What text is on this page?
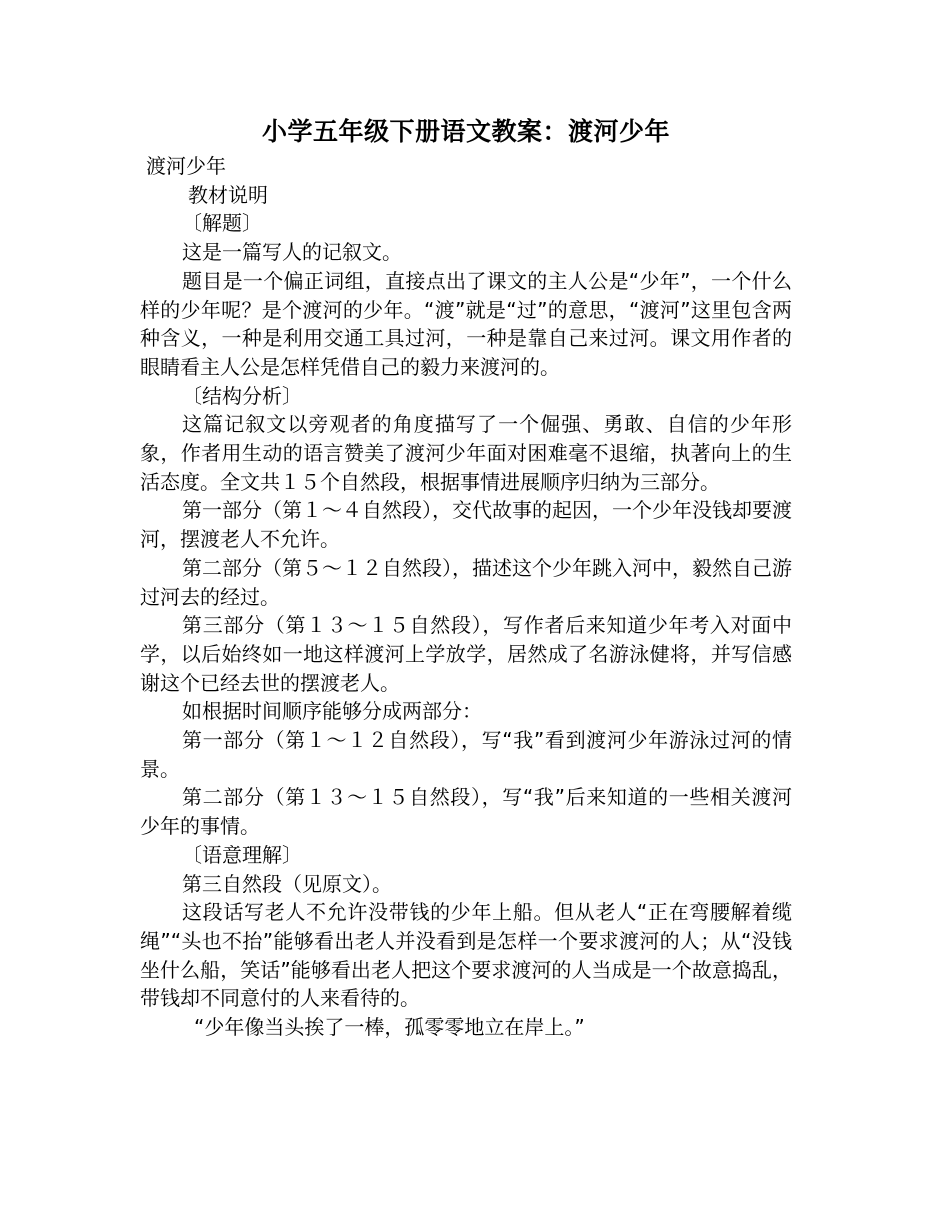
小学五年级下册语文教案：渡河少年

渡河少年

教材说明

〔解题〕

这是一篇写人的记叙文。

题目是一个偏正词组，直接点出了课文的主人公是“少年”，一个什么样的少年呢？是个渡河的少年。“渡”就是“过”的意思，“渡河”这里包含两种含义，一种是利用交通工具过河，一种是靠自己来过河。课文用作者的眼睛看主人公是怎样凭借自己的毅力来渡河的。

〔结构分析〕

这篇记叙文以旁观者的角度描写了一个倔强、勇敢、自信的少年形象，作者用生动的语言赞美了渡河少年面对困难毫不退缩，执著向上的生活态度。全文共１５个自然段，根据事情进展顺序归纳为三部分。

第一部分（第１～４自然段），交代故事的起因，一个少年没钱却要渡河，摆渡老人不允许。

第二部分（第５～１２自然段），描述这个少年跳入河中，毅然自己游过河去的经过。

第三部分（第１３～１５自然段），写作者后来知道少年考入对面中学，以后始终如一地这样渡河上学放学，居然成了名游泳健将，并写信感谢这个已经去世的摆渡老人。

如根据时间顺序能够分成两部分：

第一部分（第１～１２自然段），写“我”看到渡河少年游泳过河的情景。

第二部分（第１３～１５自然段），写“我”后来知道的一些相关渡河少年的事情。

〔语意理解〕

第三自然段（见原文）。

这段话写老人不允许没带钱的少年上船。但从老人“正在弯腰解着缆绳”“头也不抬”能够看出老人并没看到是怎样一个要求渡河的人；从“没钱坐什么船，笑话”能够看出老人把这个要求渡河的人当成是一个故意捣乱，带钱却不同意付的人来看待的。

“少年像当头挨了一棒，孤零零地立在岸上。”
